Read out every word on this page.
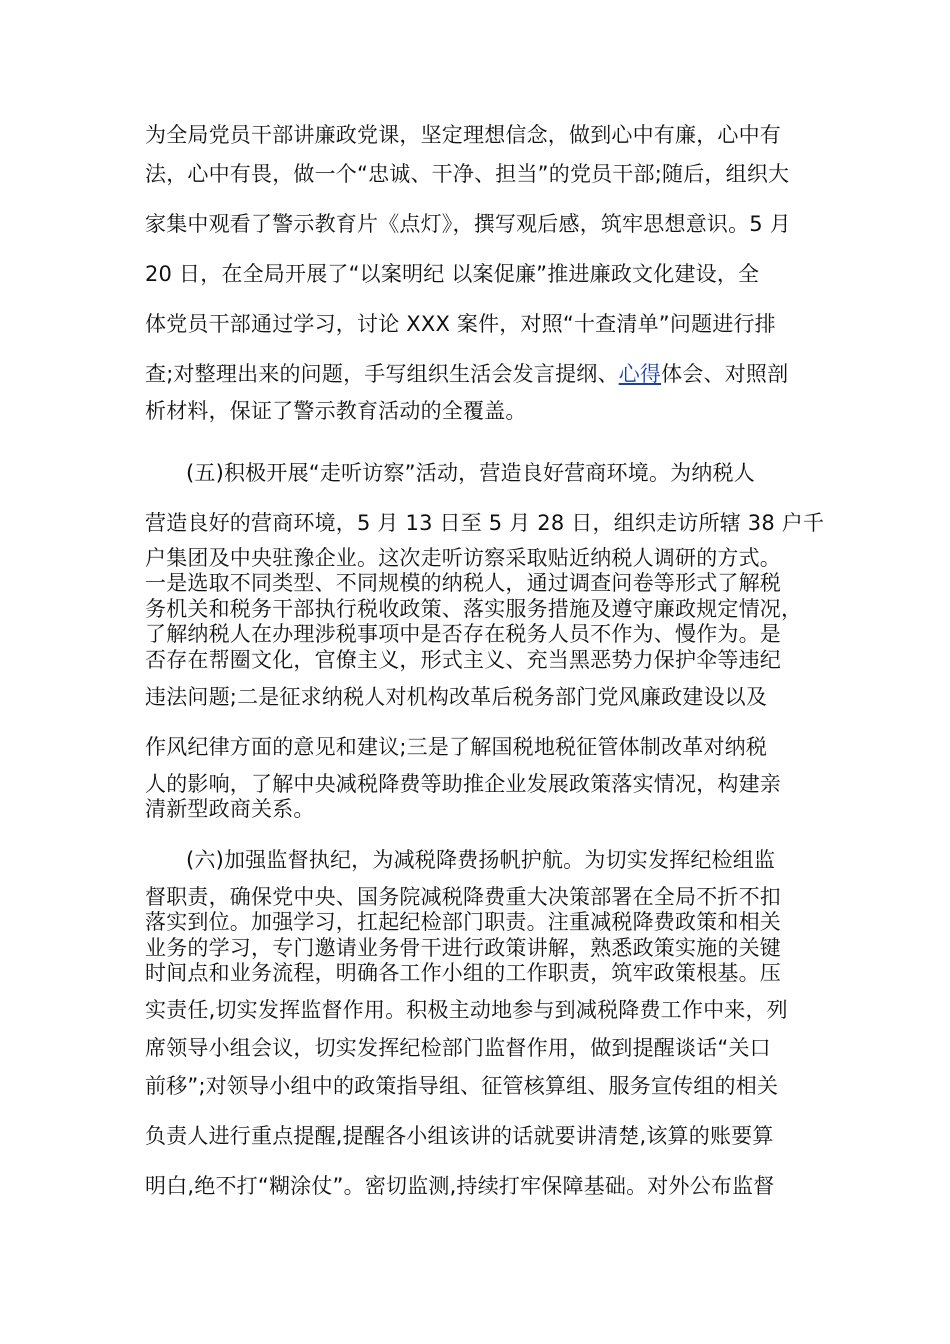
为全局党员干部讲廉政党课，坚定理想信念，做到心中有廉，心中有
法，心中有畏，做一个“忠诚、干净、担当”的党员干部;随后，组织大
家集中观看了警示教育片《点灯》，撰写观后感，筑牢思想意识。5 月
20 日，在全局开展了“以案明纪 以案促廉”推进廉政文化建设，全
体党员干部通过学习，讨论 XXX 案件，对照“十查清单”问题进行排
查;对整理出来的问题，手写组织生活会发言提纲、心得体会、对照剖
析材料，保证了警示教育活动的全覆盖。
(五)积极开展“走听访察”活动，营造良好营商环境。为纳税人
营造良好的营商环境，5 月 13 日至 5 月 28 日，组织走访所辖 38 户千
户集团及中央驻豫企业。这次走听访察采取贴近纳税人调研的方式。
一是选取不同类型、不同规模的纳税人，通过调查问卷等形式了解税
务机关和税务干部执行税收政策、落实服务措施及遵守廉政规定情况，
了解纳税人在办理涉税事项中是否存在税务人员不作为、慢作为。是
否存在帮圈文化，官僚主义，形式主义、充当黑恶势力保护伞等违纪
违法问题;二是征求纳税人对机构改革后税务部门党风廉政建设以及
作风纪律方面的意见和建议;三是了解国税地税征管体制改革对纳税
人的影响，了解中央减税降费等助推企业发展政策落实情况，构建亲
清新型政商关系。
(六)加强监督执纪，为减税降费扬帆护航。为切实发挥纪检组监
督职责，确保党中央、国务院减税降费重大决策部署在全局不折不扣
落实到位。加强学习，扛起纪检部门职责。注重减税降费政策和相关
业务的学习，专门邀请业务骨干进行政策讲解，熟悉政策实施的关键
时间点和业务流程，明确各工作小组的工作职责，筑牢政策根基。压
实责任,切实发挥监督作用。积极主动地参与到减税降费工作中来，列
席领导小组会议，切实发挥纪检部门监督作用，做到提醒谈话“关口
前移”;对领导小组中的政策指导组、征管核算组、服务宣传组的相关
负责人进行重点提醒,提醒各小组该讲的话就要讲清楚,该算的账要算
明白,绝不打“糊涂仗”。密切监测,持续打牢保障基础。对外公布监督
